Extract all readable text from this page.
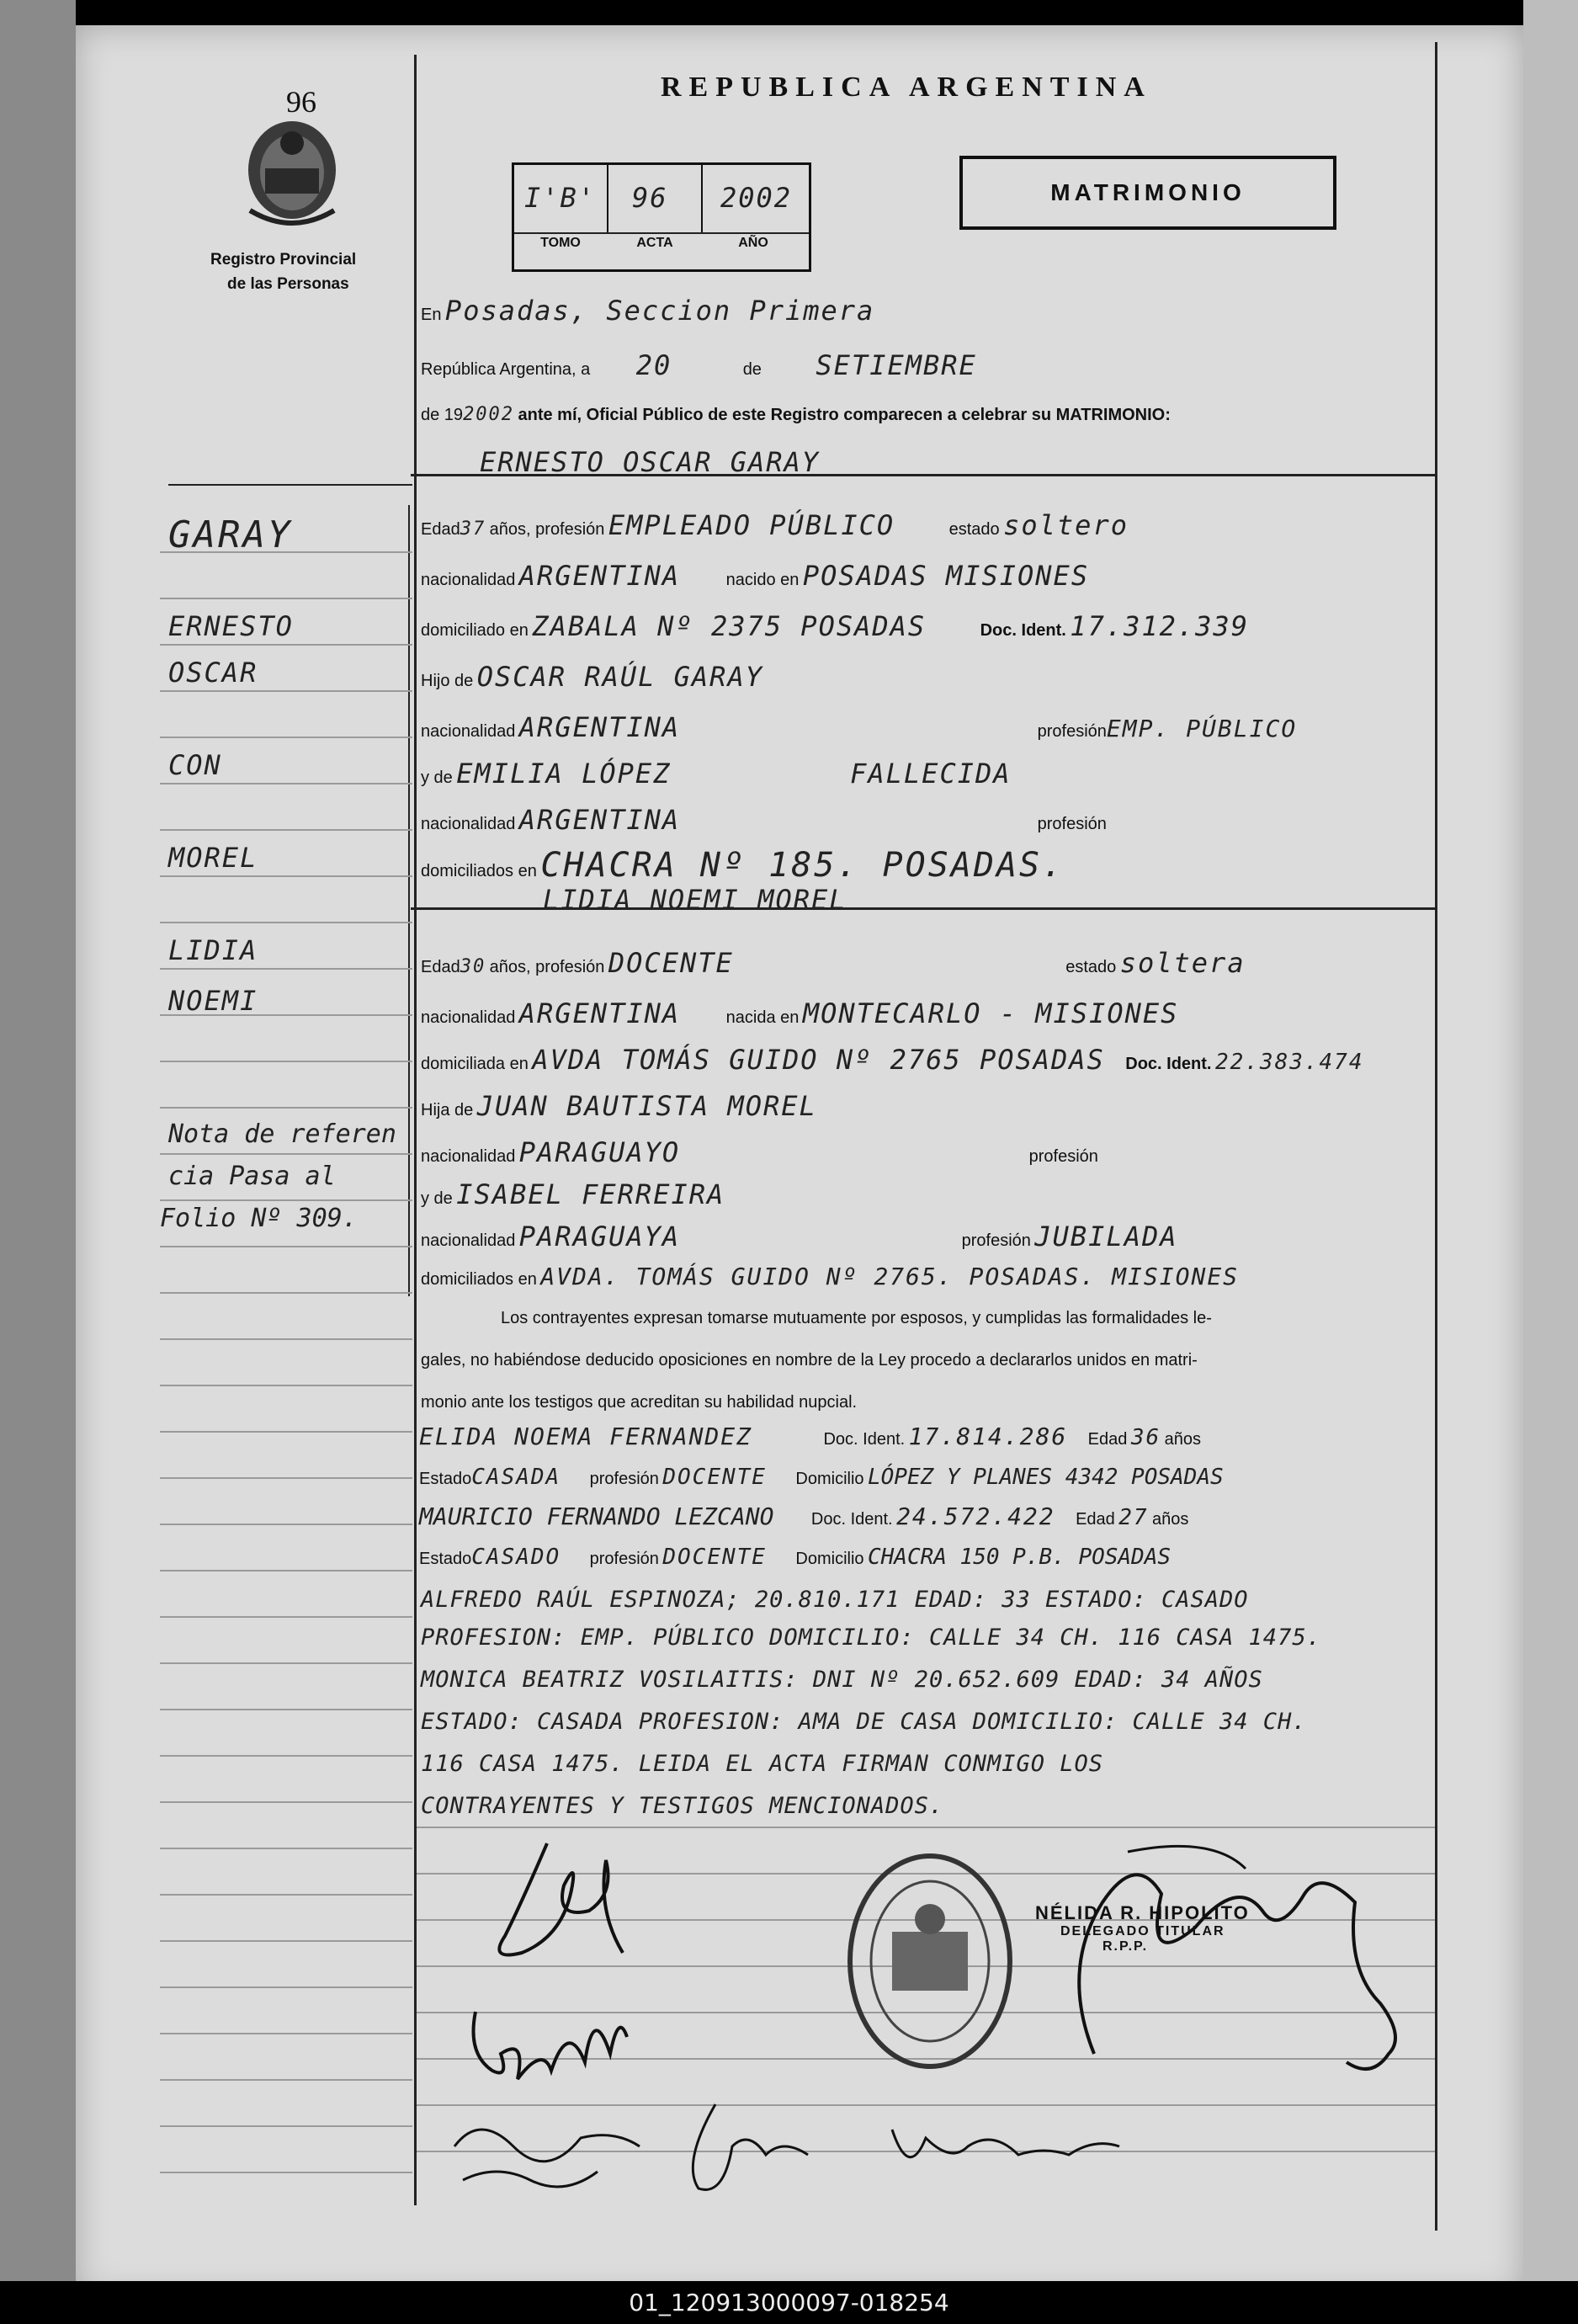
96
Registro Provincial
de las Personas
REPUBLICA ARGENTINA
MATRIMONIO
I'B' 96 2002
TOMO	ACTA	AÑO
En Posadas, Seccion Primera
República Argentina, a 20	de SETIEMBRE
de 192002 ante mí, Oficial Público de este Registro comparecen a celebrar su MATRIMONIO:
ERNESTO OSCAR GARAY
GARAY
ERNESTO
OSCAR
CON
MOREL
LIDIA
NOEMI
Nota de referen
cia Pasa al
Folio Nº 309.
Edad37 años, profesión EMPLEADO PÚBLICO	estado soltero
nacionalidad ARGENTINA	nacido en POSADAS MISIONES
domiciliado en ZABALA Nº 2375 POSADAS	Doc. Ident. 17.312.339
Hijo de OSCAR RAÚL GARAY
nacionalidad ARGENTINA	profesiónEMP. PÚBLICO
y de EMILIA LÓPEZ          FALLECIDA
nacionalidad ARGENTINA	profesión
domiciliados en CHACRA Nº 185. POSADAS.
LIDIA NOEMI MOREL
Edad30 años, profesión DOCENTE	estado soltera
nacionalidad ARGENTINA	nacida en MONTECARLO - MISIONES
domiciliada en AVDA TOMÁS GUIDO Nº 2765 POSADAS Doc. Ident. 22.383.474
Hija de JUAN BAUTISTA MOREL
nacionalidad PARAGUAYO	profesión
y de ISABEL FERREIRA
nacionalidad PARAGUAYA	profesión JUBILADA
domiciliados en AVDA. TOMÁS GUIDO Nº 2765. POSADAS. MISIONES
Los contrayentes expresan tomarse mutuamente por esposos, y cumplidas las formalidades le-
gales, no habiéndose deducido oposiciones en nombre de la Ley procedo a declararlos unidos en matri-
monio ante los testigos que acreditan su habilidad nupcial.
ELIDA NOEMA FERNANDEZ	Doc. Ident. 17.814.286 Edad 36 años
EstadoCASADA profesión DOCENTE Domicilio LÓPEZ Y PLANES 4342 POSADAS
MAURICIO FERNANDO LEZCANO Doc. Ident. 24.572.422 Edad 27 años
EstadoCASADO profesión DOCENTE Domicilio CHACRA 150 P.B. POSADAS
ALFREDO RAÚL ESPINOZA; 20.810.171 EDAD: 33 ESTADO: CASADO
PROFESION: EMP. PÚBLICO DOMICILIO: CALLE 34 CH. 116 CASA 1475.
MONICA BEATRIZ VOSILAITIS: DNI Nº 20.652.609 EDAD: 34 AÑOS
ESTADO: CASADA PROFESION: AMA DE CASA DOMICILIO: CALLE 34 CH.
116 CASA 1475. LEIDA EL ACTA FIRMAN CONMIGO LOS
CONTRAYENTES Y TESTIGOS MENCIONADOS.
NÉLIDA R. HIPOLITO
DELEGADO TITULAR
R.P.P.
01_120913000097-018254
